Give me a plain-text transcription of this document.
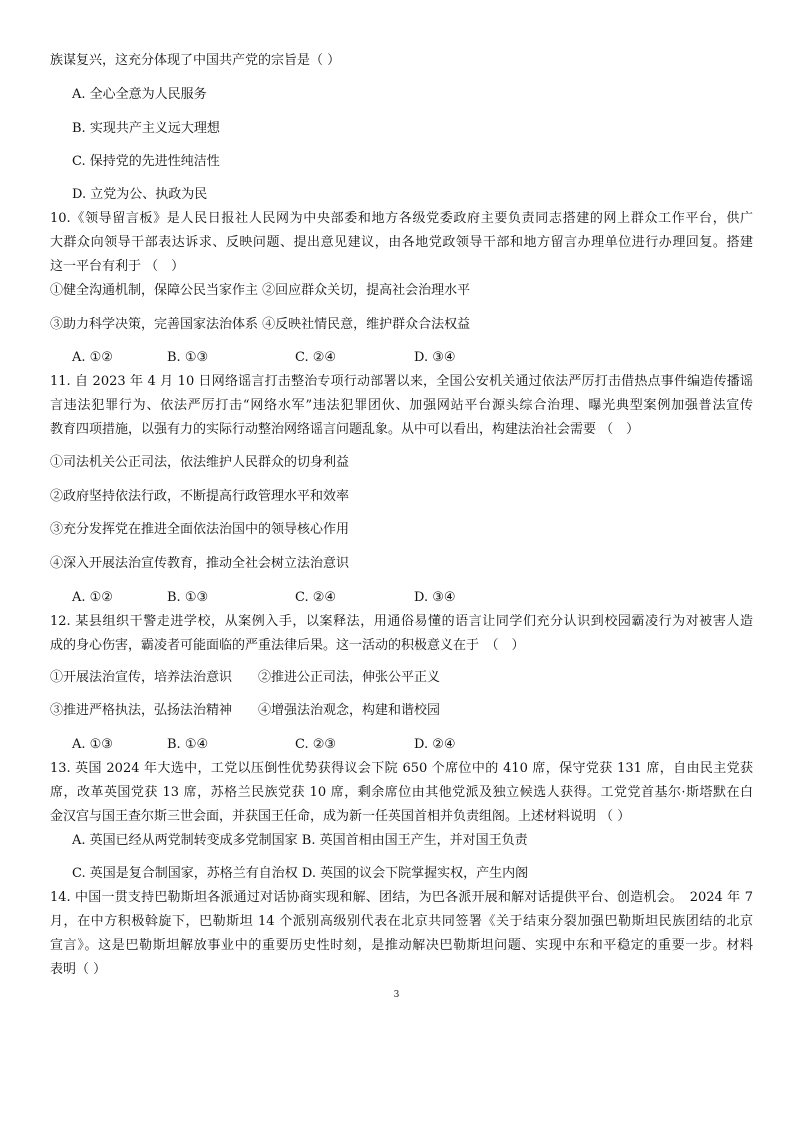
族谋复兴，这充分体现了中国共产党的宗旨是（ ）
A. 全心全意为人民服务
B. 实现共产主义远大理想
C. 保持党的先进性纯洁性
D. 立党为公、执政为民
10.《领导留言板》是人民日报社人民网为中央部委和地方各级党委政府主要负责同志搭建的网上群众工作平台，供广
大群众向领导干部表达诉求、反映问题、提出意见建议，由各地党政领导干部和地方留言办理单位进行办理回复。搭建
这一平台有利于 （　）
①健全沟通机制，保障公民当家作主 ②回应群众关切，提高社会治理水平
③助力科学决策，完善国家法治体系 ④反映社情民意，维护群众合法权益
A. ①②	B. ①③	C. ②④	D. ③④
11. 自 2023 年 4 月 10 日网络谣言打击整治专项行动部署以来，全国公安机关通过依法严厉打击借热点事件编造传播谣
言违法犯罪行为、依法严厉打击“网络水军”违法犯罪团伙、加强网站平台源头综合治理、曝光典型案例加强普法宣传
教育四项措施，以强有力的实际行动整治网络谣言问题乱象。从中可以看出，构建法治社会需要 （　）
①司法机关公正司法，依法维护人民群众的切身利益
②政府坚持依法行政，不断提高行政管理水平和效率
③充分发挥党在推进全面依法治国中的领导核心作用
④深入开展法治宣传教育，推动全社会树立法治意识
A. ①②	B. ①③	C. ②④	D. ③④
12. 某县组织干警走进学校，从案例入手，以案释法，用通俗易懂的语言让同学们充分认识到校园霸凌行为对被害人造
成的身心伤害，霸凌者可能面临的严重法律后果。这一活动的积极意义在于　（　）
①开展法治宣传，培养法治意识　　②推进公正司法，伸张公平正义
③推进严格执法，弘扬法治精神　　④增强法治观念，构建和谐校园
A. ①③	B. ①④	C. ②③	D. ②④
13. 英国 2024 年大选中，工党以压倒性优势获得议会下院 650 个席位中的 410 席，保守党获 131 席，自由民主党获
席，改革英国党获 13 席，苏格兰民族党获 10 席，剩余席位由其他党派及独立候选人获得。工党党首基尔·斯塔默在白
金汉宫与国王查尔斯三世会面，并获国王任命，成为新一任英国首相并负责组阁。上述材料说明 （ ）
A. 英国已经从两党制转变成多党制国家 B. 英国首相由国王产生，并对国王负责
C. 英国是复合制国家，苏格兰有自治权 D. 英国的议会下院掌握实权，产生内阁
14. 中国一贯支持巴勒斯坦各派通过对话协商实现和解、团结，为巴各派开展和解对话提供平台、创造机会。　2024 年 7
月，在中方积极斡旋下，巴勒斯坦 14 个派别高级别代表在北京共同签署《关于结束分裂加强巴勒斯坦民族团结的北京
宣言》。这是巴勒斯坦解放事业中的重要历史性时刻，是推动解决巴勒斯坦问题、实现中东和平稳定的重要一步。材料
表明（ ）
3
